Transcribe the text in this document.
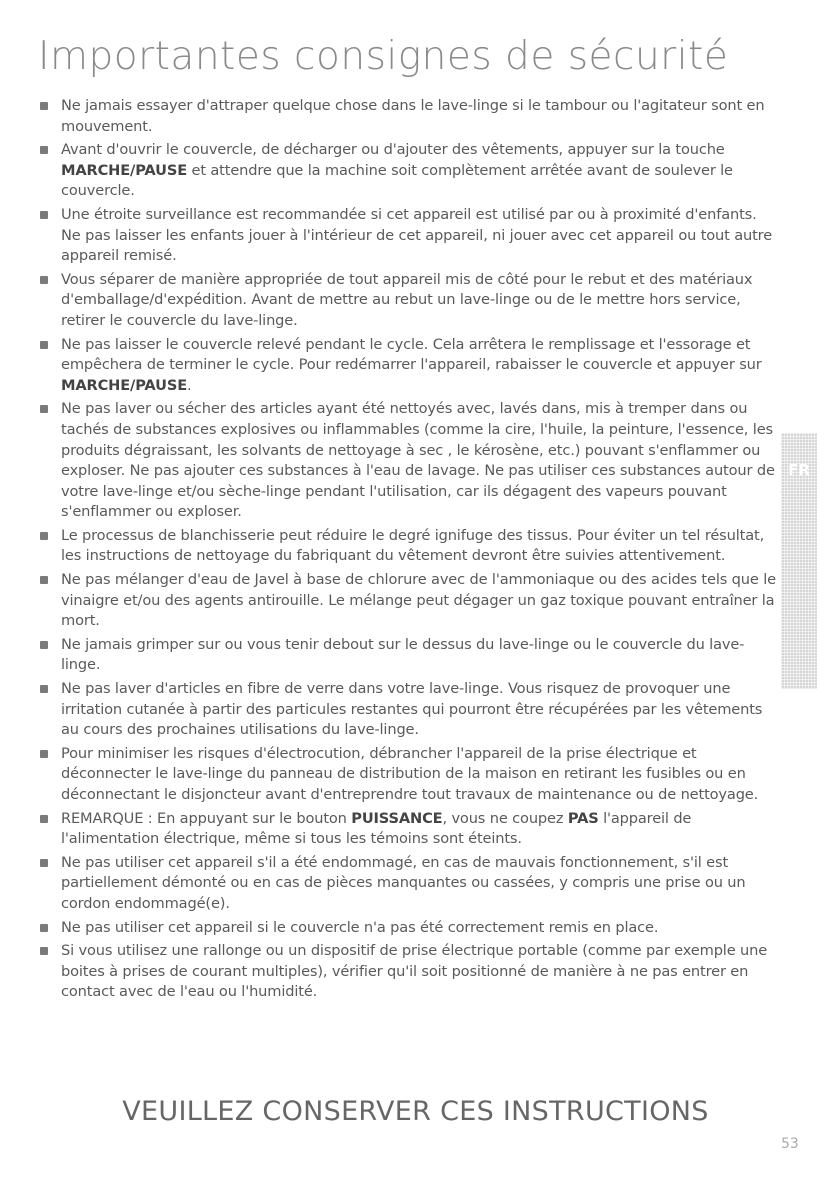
Importantes consignes de sécurité
Ne jamais essayer d'attraper quelque chose dans le lave-linge si le tambour ou l'agitateur sont en mouvement.
Avant d'ouvrir le couvercle, de décharger ou d'ajouter des vêtements, appuyer sur la touche MARCHE/PAUSE et attendre que la machine soit complètement arrêtée avant de soulever le couvercle.
Une étroite surveillance est recommandée si cet appareil est utilisé par ou à proximité d'enfants. Ne pas laisser les enfants jouer à l'intérieur de cet appareil, ni jouer avec cet appareil ou tout autre appareil remisé.
Vous séparer de manière appropriée de tout appareil mis de côté pour le rebut et des matériaux d'emballage/d'expédition. Avant de mettre au rebut un lave-linge ou de le mettre hors service, retirer le couvercle du lave-linge.
Ne pas laisser le couvercle relevé pendant le cycle. Cela arrêtera le remplissage et l'essorage et empêchera de terminer le cycle. Pour redémarrer l'appareil, rabaisser le couvercle et appuyer sur MARCHE/PAUSE.
Ne pas laver ou sécher des articles ayant été nettoyés avec, lavés dans, mis à tremper dans ou tachés de substances explosives ou inflammables (comme la cire, l'huile, la peinture, l'essence, les produits dégraissant, les solvants de nettoyage à sec , le kérosène, etc.) pouvant s'enflammer ou exploser. Ne pas ajouter ces substances à l'eau de lavage. Ne pas utiliser ces substances autour de votre lave-linge et/ou sèche-linge pendant l'utilisation, car ils dégagent des vapeurs pouvant s'enflammer ou exploser.
Le processus de blanchisserie peut réduire le degré ignifuge des tissus. Pour éviter un tel résultat, les instructions de nettoyage du fabriquant du vêtement devront être suivies attentivement.
Ne pas mélanger d'eau de Javel à base de chlorure avec de l'ammoniaque ou des acides tels que le vinaigre et/ou des agents antirouille. Le mélange peut dégager un gaz toxique pouvant entraîner la mort.
Ne jamais grimper sur ou vous tenir debout sur le dessus du lave-linge ou le couvercle du lave-linge.
Ne pas laver d'articles en fibre de verre dans votre lave-linge. Vous risquez de provoquer une irritation cutanée à partir des particules restantes qui pourront être récupérées par les vêtements au cours des prochaines utilisations du lave-linge.
Pour minimiser les risques d'électrocution, débrancher l'appareil de la prise électrique et déconnecter le lave-linge du panneau de distribution de la maison en retirant les fusibles ou en déconnectant le disjoncteur avant d'entreprendre tout travaux de maintenance ou de nettoyage.
REMARQUE : En appuyant sur le bouton PUISSANCE, vous ne coupez PAS l'appareil de l'alimentation électrique, même si tous les témoins sont éteints.
Ne pas utiliser cet appareil s'il a été endommagé, en cas de mauvais fonctionnement, s'il est partiellement démonté ou en cas de pièces manquantes ou cassées, y compris une prise ou un cordon endommagé(e).
Ne pas utiliser cet appareil si le couvercle n'a pas été correctement remis en place.
Si vous utilisez une rallonge ou un dispositif de prise électrique portable (comme par exemple une boites à prises de courant multiples), vérifier qu'il soit positionné de manière à ne pas entrer en contact avec de l'eau ou l'humidité.
FR
VEUILLEZ CONSERVER CES INSTRUCTIONS
53
